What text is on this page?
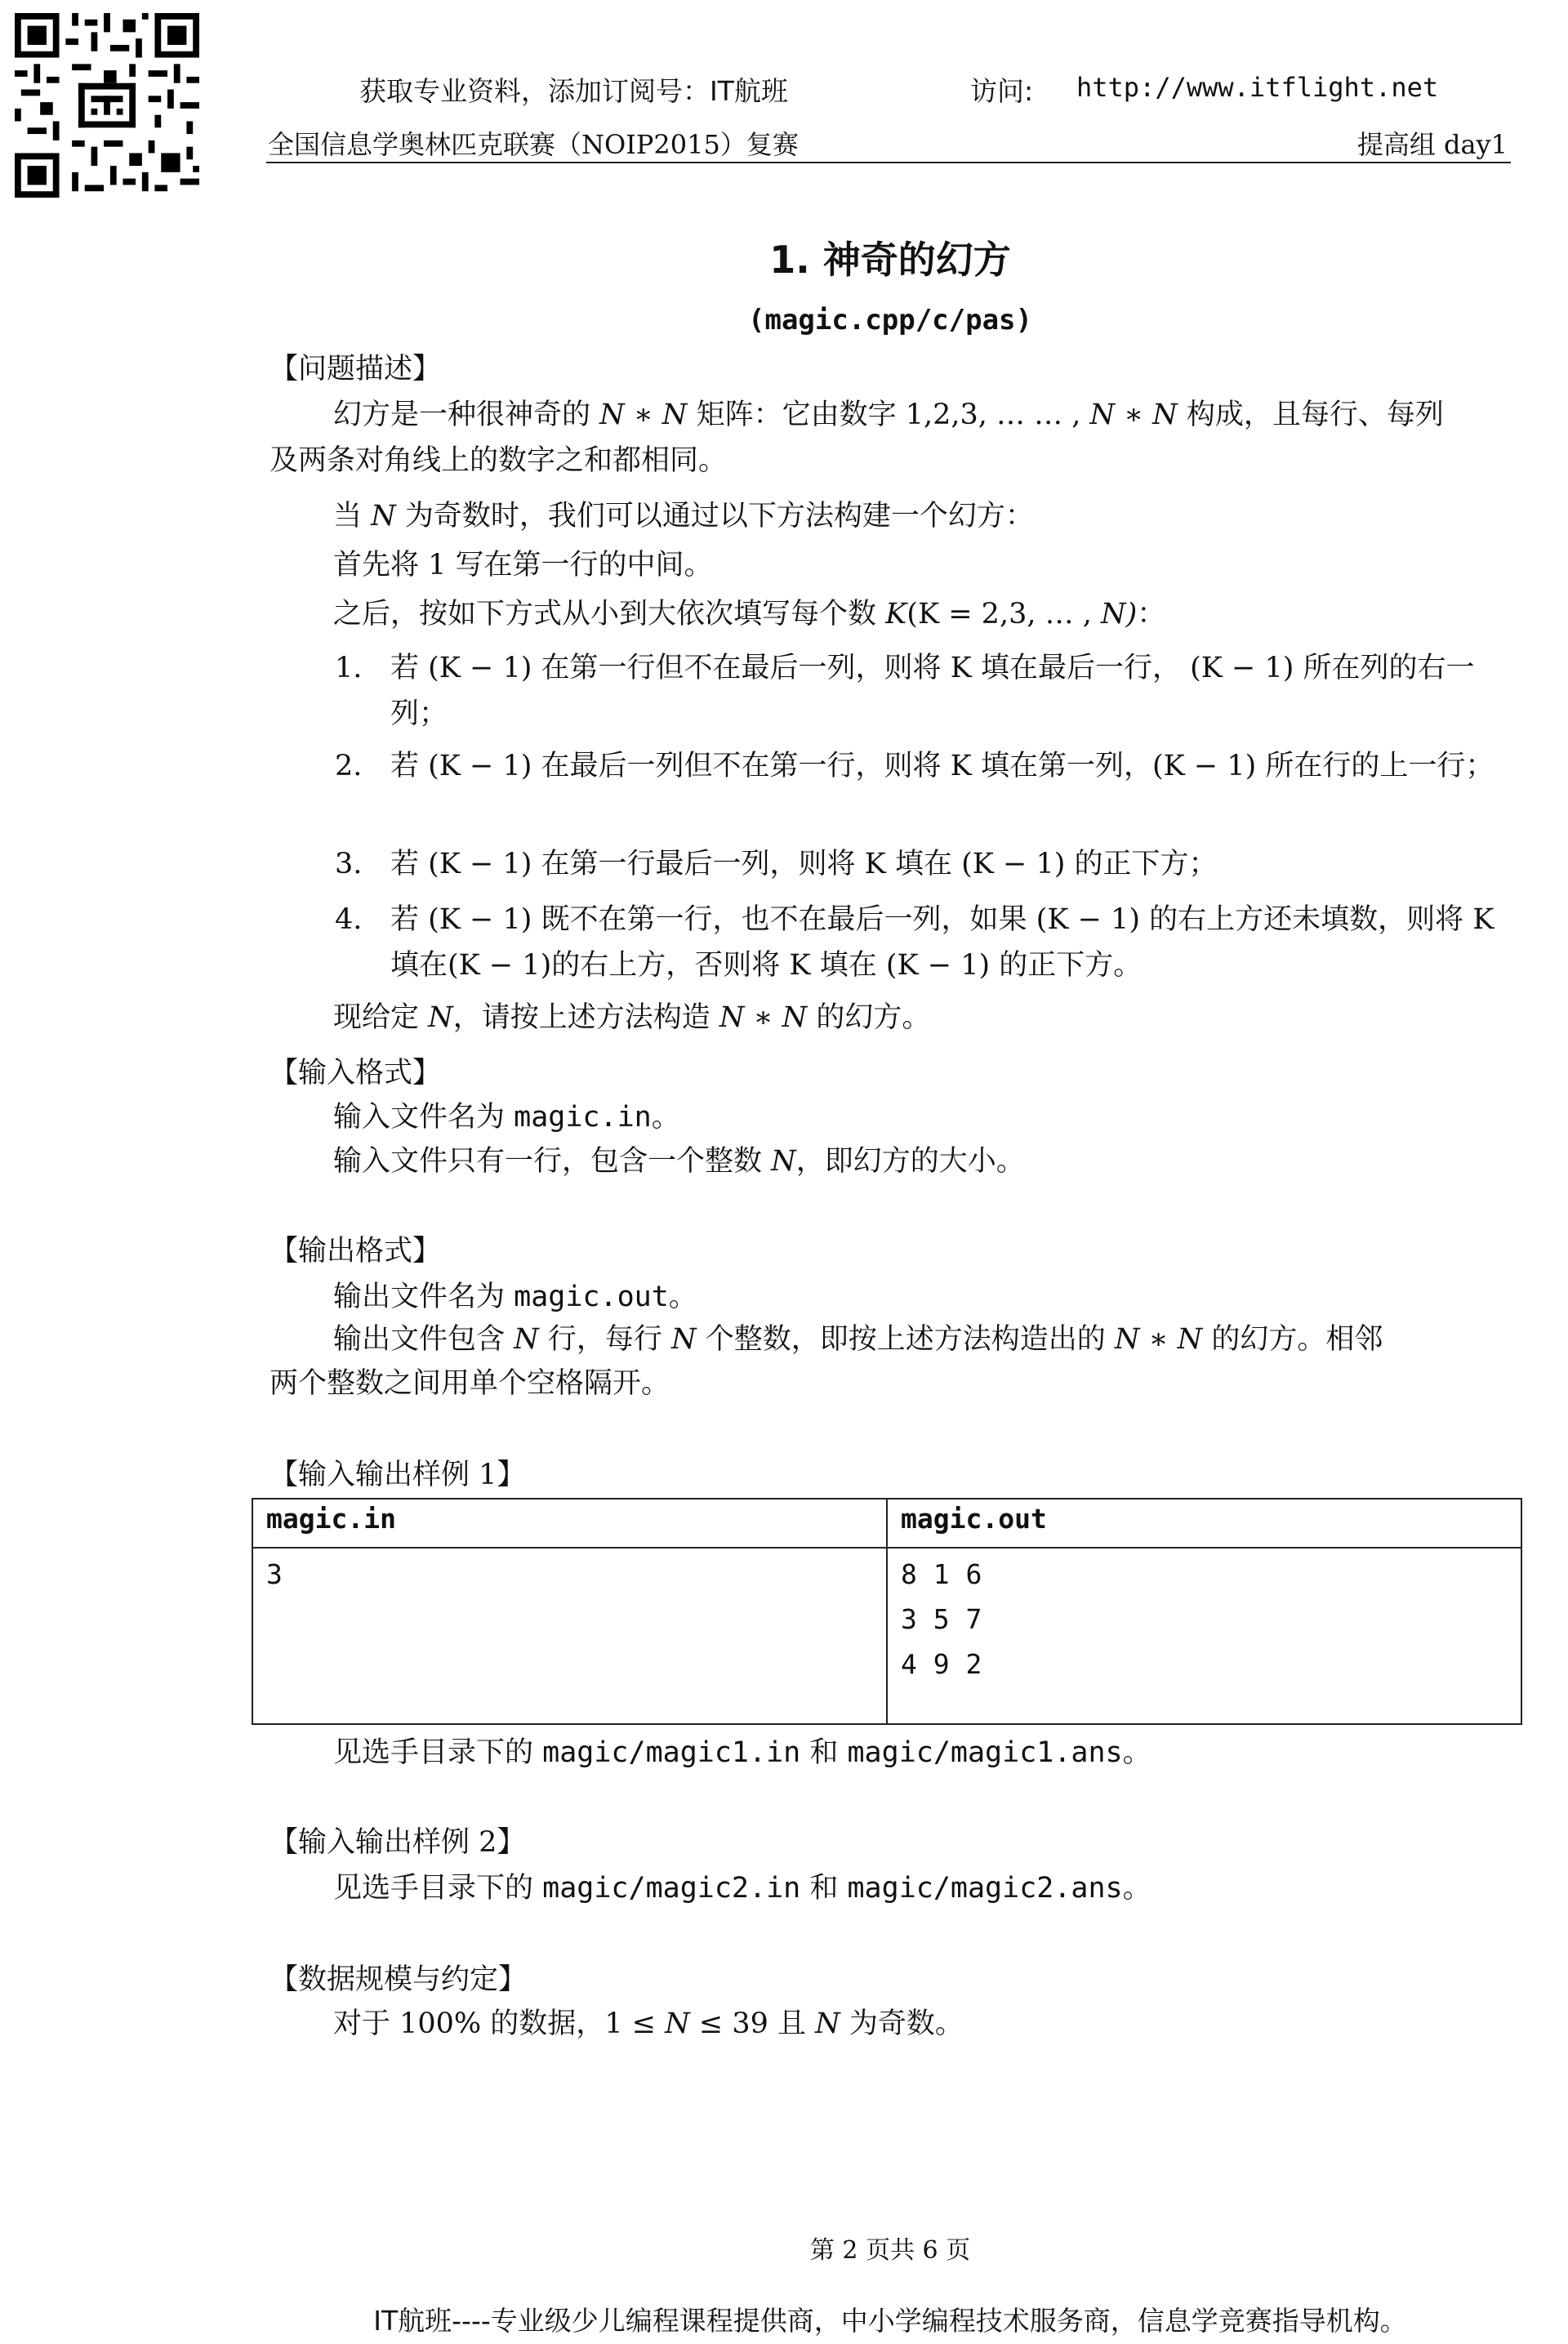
获取专业资料，添加订阅号：IT航班	访问: http://www.itflight.net
全国信息学奥林匹克联赛（NOIP2015）复赛	提高组 day1
1. 神奇的幻方
(magic.cpp/c/pas)
【问题描述】
幻方是一种很神奇的 N ∗ N 矩阵：它由数字 1,2,3, … … , N ∗ N 构成，且每行、每列
及两条对角线上的数字之和都相同。
当 N 为奇数时，我们可以通过以下方法构建一个幻方：
首先将 1 写在第一行的中间。
之后，按如下方式从小到大依次填写每个数 K(K = 2,3, … , N)：
1. 若 (K − 1) 在第一行但不在最后一列，则将 K 填在最后一行， (K − 1) 所在列的右一列；
2. 若 (K − 1) 在最后一列但不在第一行，则将 K 填在第一列，(K − 1) 所在行的上一行；
3. 若 (K − 1) 在第一行最后一列，则将 K 填在 (K − 1) 的正下方；
4. 若 (K − 1) 既不在第一行，也不在最后一列，如果 (K − 1) 的右上方还未填数，则将 K 填在(K − 1)的右上方，否则将 K 填在 (K − 1) 的正下方。
现给定 N，请按上述方法构造 N ∗ N 的幻方。
【输入格式】
输入文件名为 magic.in。
输入文件只有一行，包含一个整数 N，即幻方的大小。
【输出格式】
输出文件名为 magic.out。
输出文件包含 N 行，每行 N 个整数，即按上述方法构造出的 N ∗ N 的幻方。相邻
两个整数之间用单个空格隔开。
【输入输出样例 1】
magic.in	magic.out

3	8 1 6
3 5 7
4 9 2
见选手目录下的 magic/magic1.in 和 magic/magic1.ans。
【输入输出样例 2】
见选手目录下的 magic/magic2.in 和 magic/magic2.ans。
【数据规模与约定】
对于 100% 的数据，1 ≤ N ≤ 39 且 N 为奇数。
第 2 页共 6 页
IT航班----专业级少儿编程课程提供商，中小学编程技术服务商，信息学竞赛指导机构。
